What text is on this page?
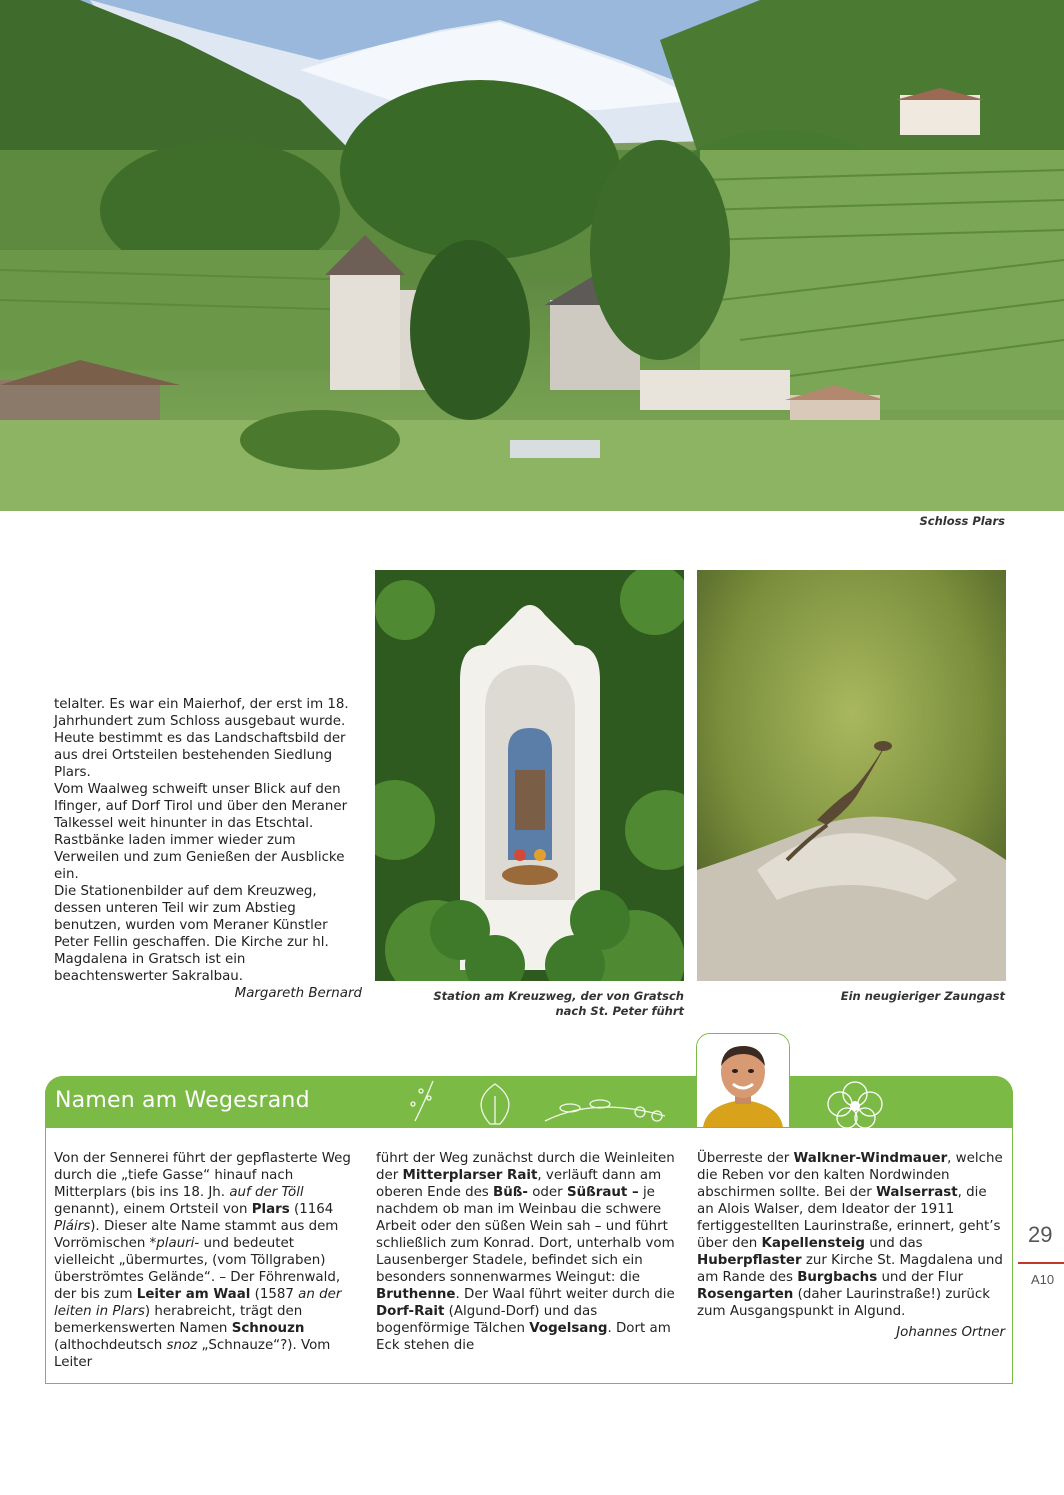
Schloss Plars
telalter. Es war ein Maierhof, der erst im 18. Jahrhundert zum Schloss ausgebaut wurde. Heute bestimmt es das Landschaftsbild der aus drei Ortsteilen bestehenden Siedlung Plars.
Vom Waalweg schweift unser Blick auf den Ifinger, auf Dorf Tirol und über den Meraner Talkessel weit hinunter in das Etschtal. Rastbänke laden immer wieder zum Verweilen und zum Genießen der Ausblicke ein.
Die Stationenbilder auf dem Kreuzweg, dessen unteren Teil wir zum Abstieg benutzen, wurden vom Meraner Künstler Peter Fellin geschaffen. Die Kirche zur hl. Magdalena in Gratsch ist ein beachtenswerter Sakralbau.
Margareth Bernard	Station am Kreuzweg, der von Gratsch
nach St. Peter führt
Ein neugieriger Zaungast
Namen am Wegesrand
Von der Sennerei führt der gepflasterte Weg durch die „tiefe Gasse“ hinauf nach Mitterplars (bis ins 18. Jh. auf der Töll genannt), einem Ortsteil von Plars (1164 Pláirs). Dieser alte Name stammt aus dem Vorrömischen *plauri- und bedeutet vielleicht „übermurtes, (vom Töllgraben) überströmtes Gelände“. – Der Föhrenwald, der bis zum Leiter am Waal (1587 an der leiten in Plars) herabreicht, trägt den bemerkenswerten Namen Schnouzn (althochdeutsch snoz „Schnauze“?). Vom Leiter
führt der Weg zunächst durch die Weinleiten der Mitterplarser Rait, verläuft dann am oberen Ende des Büß- oder Süßraut – je nachdem ob man im Weinbau die schwere Arbeit oder den süßen Wein sah – und führt schließlich zum Konrad. Dort, unterhalb vom Lausenberger Stadele, befindet sich ein besonders sonnenwarmes Weingut: die Bruthenne. Der Waal führt weiter durch die Dorf-Rait (Algund-Dorf) und das bogenförmige Tälchen Vogelsang. Dort am Eck stehen die
Überreste der Walkner-Windmauer, welche die Reben vor den kalten Nordwinden abschirmen sollte. Bei der Walserrast, die an Alois Walser, dem Ideator der 1911 fertiggestellten Laurinstraße, erinnert, geht’s über den Kapellensteig und das Huberpflaster zur Kirche St. Magdalena und am Rande des Burgbachs und der Flur Rosengarten (daher Laurinstraße!) zurück zum Ausgangspunkt in Algund.
Johannes Ortner
29
A10
